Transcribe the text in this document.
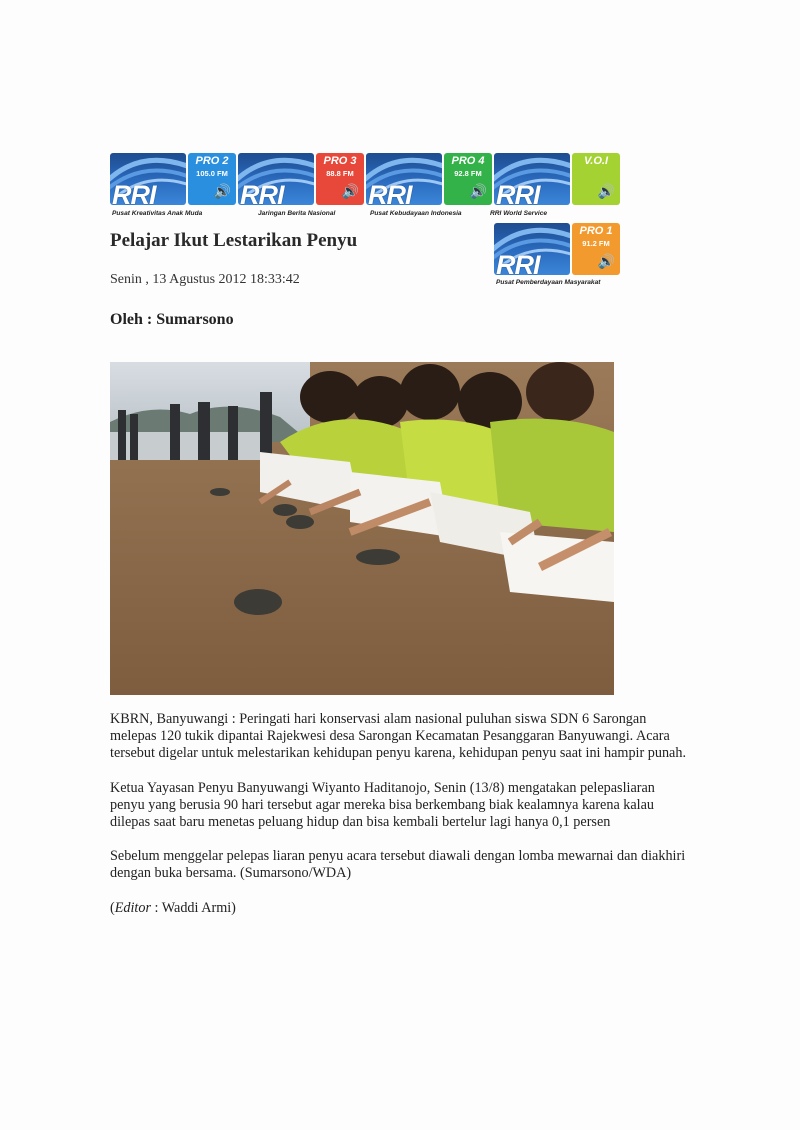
RRI
PRO 2
105.0 FM
🔊
Pusat Kreativitas Anak Muda
RRI
PRO 3
88.8 FM
🔊
Jaringan Berita Nasional
RRI
PRO 4
92.8 FM
🔊
Pusat Kebudayaan Indonesia
RRI
V.O.I
🔊
RRI World Service
RRI
PRO 1
91.2 FM
🔊
Pusat Pemberdayaan Masyarakat
Pelajar Ikut Lestarikan Penyu
Senin , 13 Agustus 2012 18:33:42
Oleh : Sumarsono

KBRN, Banyuwangi : Peringati hari konservasi alam nasional puluhan siswa SDN 6 Sarongan melepas 120 tukik dipantai Rajekwesi desa Sarongan Kecamatan Pesanggaran Banyuwangi. Acara tersebut digelar untuk melestarikan kehidupan penyu karena, kehidupan penyu saat ini hampir punah.

Ketua Yayasan Penyu Banyuwangi Wiyanto Haditanojo, Senin (13/8) mengatakan pelepasliaran penyu yang berusia 90 hari tersebut agar mereka bisa berkembang biak kealamnya karena kalau dilepas saat baru menetas peluang hidup dan bisa kembali bertelur lagi hanya 0,1 persen

Sebelum menggelar pelepas liaran penyu acara tersebut diawali dengan lomba mewarnai dan diakhiri dengan buka bersama. (Sumarsono/WDA)

(Editor : Waddi Armi)
